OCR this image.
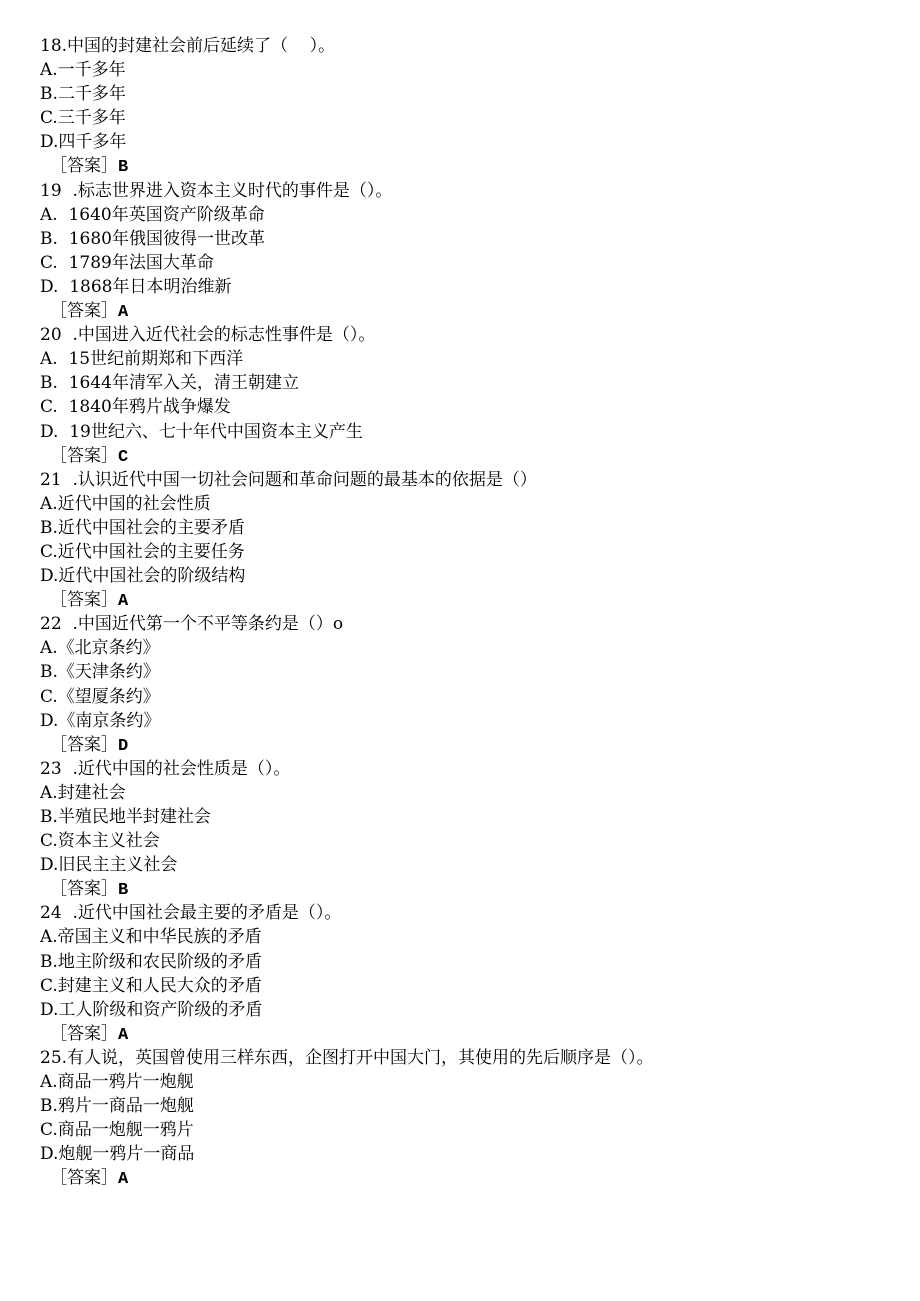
18.中国的封建社会前后延续了（    ）。
A.一千多年
B.二千多年
C.三千多年
D.四千多年
［答案］B
19  .标志世界进入资本主义时代的事件是（）。
A.  1640年英国资产阶级革命
B.  1680年俄国彼得一世改革
C.  1789年法国大革命
D.  1868年日本明治维新
［答案］A
20  .中国进入近代社会的标志性事件是（）。
A.  15世纪前期郑和下西洋
B.  1644年清军入关，清王朝建立
C.  1840年鸦片战争爆发
D.  19世纪六、七十年代中国资本主义产生
［答案］C
21  .认识近代中国一切社会问题和革命问题的最基本的依据是（）
A.近代中国的社会性质
B.近代中国社会的主要矛盾
C.近代中国社会的主要任务
D.近代中国社会的阶级结构
［答案］A
22  .中国近代第一个不平等条约是（）o
A.《北京条约》
B.《天津条约》
C.《望厦条约》
D.《南京条约》
［答案］D
23  .近代中国的社会性质是（）。
A.封建社会
B.半殖民地半封建社会
C.资本主义社会
D.旧民主主义社会
［答案］B
24  .近代中国社会最主要的矛盾是（）。
A.帝国主义和中华民族的矛盾
B.地主阶级和农民阶级的矛盾
C.封建主义和人民大众的矛盾
D.工人阶级和资产阶级的矛盾
［答案］A
25.有人说，英国曾使用三样东西，企图打开中国大门，其使用的先后顺序是（）。
A.商品一鸦片一炮舰
B.鸦片一商品一炮舰
C.商品一炮舰一鸦片
D.炮舰一鸦片一商品
［答案］A
